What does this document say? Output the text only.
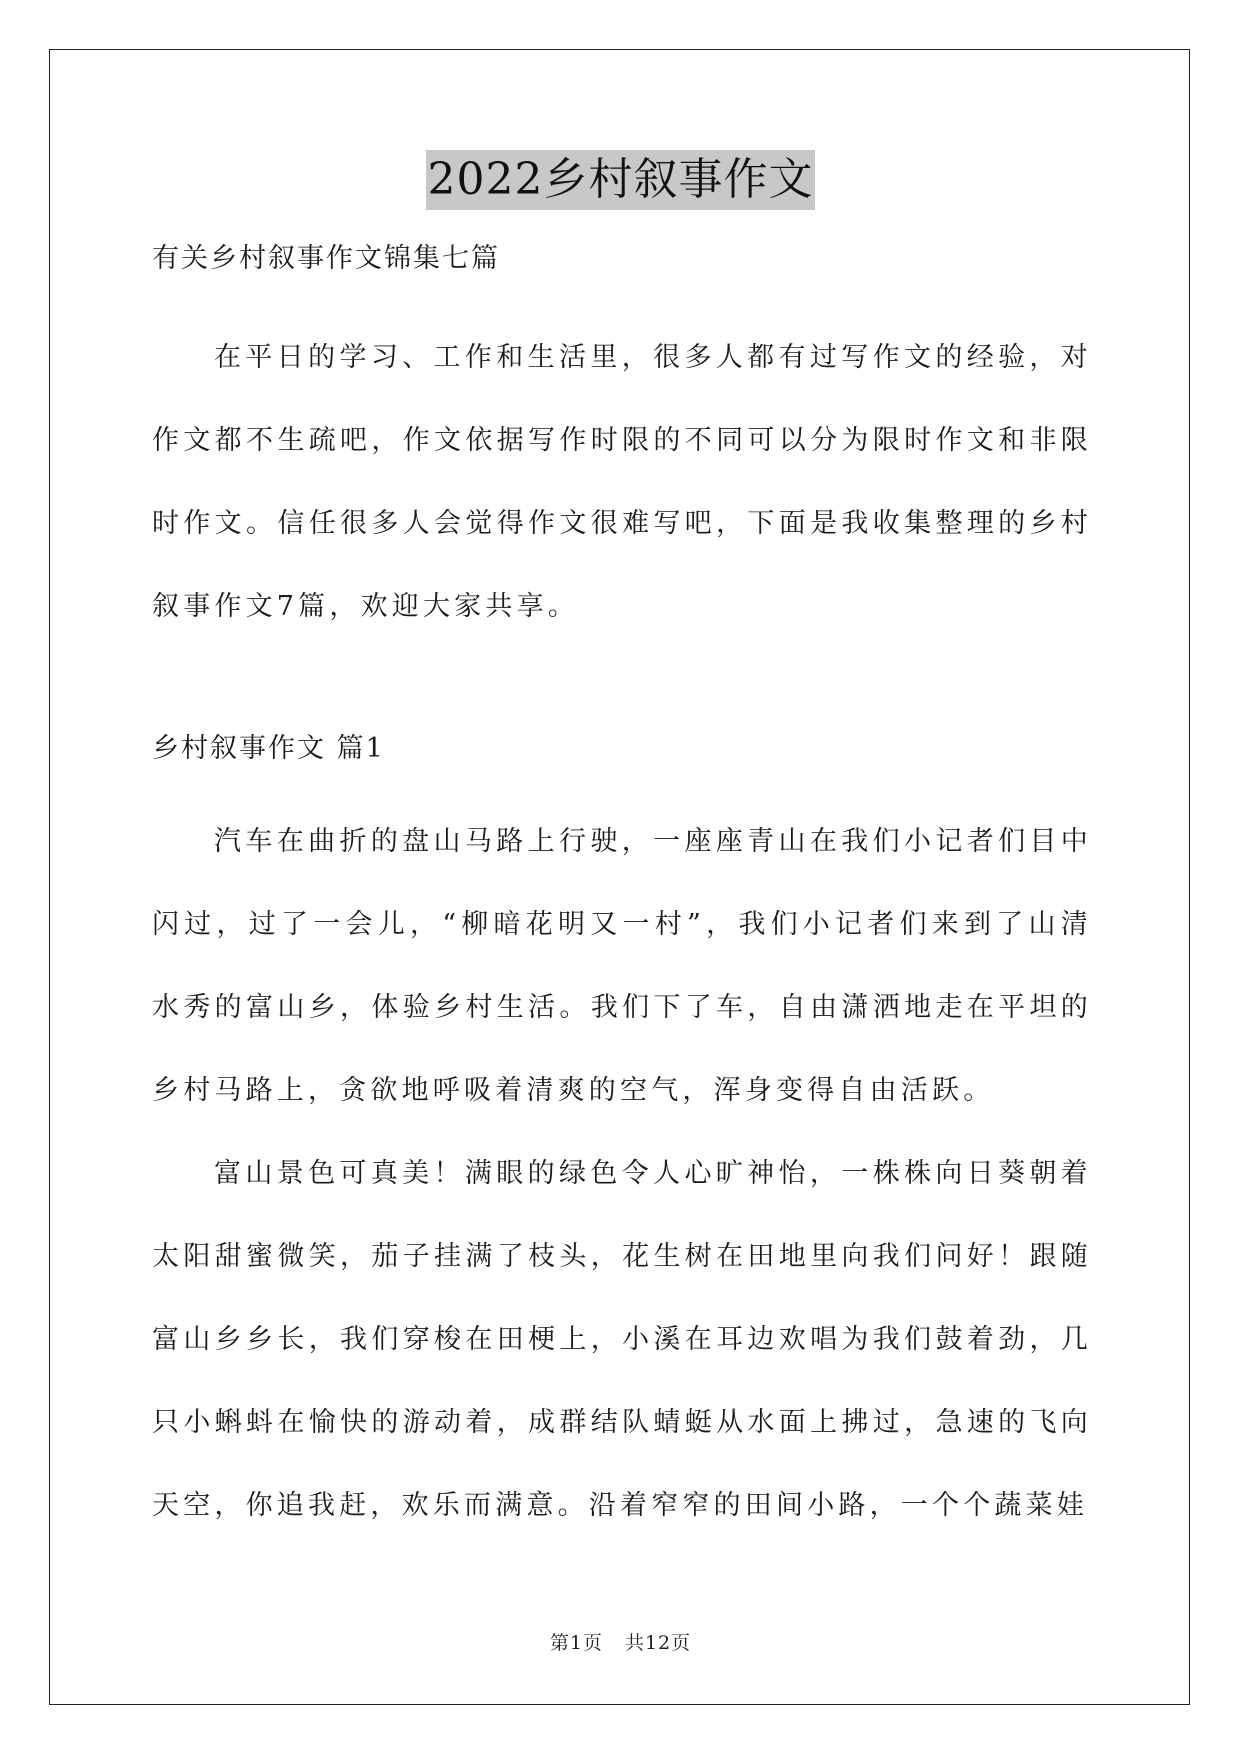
2022乡村叙事作文

有关乡村叙事作文锦集七篇

在平日的学习、工作和生活里，很多人都有过写作文的经验，对作文都不生疏吧，作文依据写作时限的不同可以分为限时作文和非限时作文。信任很多人会觉得作文很难写吧，下面是我收集整理的乡村叙事作文7篇，欢迎大家共享。

乡村叙事作文 篇1

汽车在曲折的盘山马路上行驶，一座座青山在我们小记者们目中闪过，过了一会儿，“柳暗花明又一村”，我们小记者们来到了山清水秀的富山乡，体验乡村生活。我们下了车，自由潇洒地走在平坦的乡村马路上，贪欲地呼吸着清爽的空气，浑身变得自由活跃。

富山景色可真美！满眼的绿色令人心旷神怡，一株株向日葵朝着太阳甜蜜微笑，茄子挂满了枝头，花生树在田地里向我们问好！跟随富山乡乡长，我们穿梭在田梗上，小溪在耳边欢唱为我们鼓着劲，几只小蝌蚪在愉快的游动着，成群结队蜻蜓从水面上拂过，急速的飞向天空，你追我赶，欢乐而满意。沿着窄窄的田间小路，一个个蔬菜娃

第1页 共12页
